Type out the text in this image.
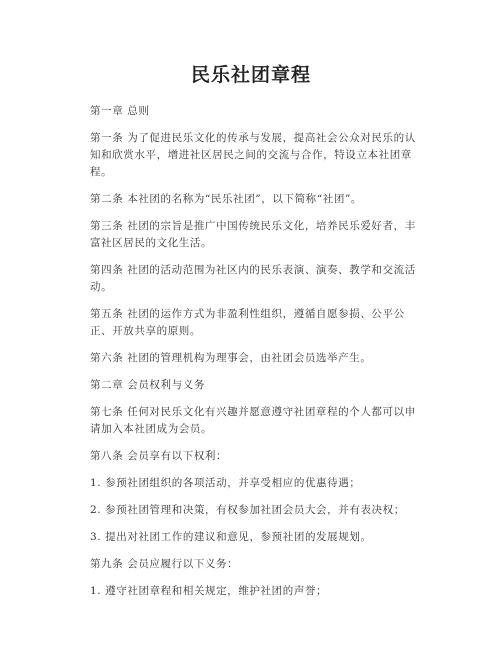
民乐社团章程

第一章 总则

第一条 为了促进民乐文化的传承与发展，提高社会公众对民乐的认知和欣赏水平，增进社区居民之间的交流与合作，特设立本社团章程。

第二条 本社团的名称为“民乐社团”，以下简称“社团”。

第三条 社团的宗旨是推广中国传统民乐文化，培养民乐爱好者，丰富社区居民的文化生活。

第四条 社团的活动范围为社区内的民乐表演、演奏、教学和交流活动。

第五条 社团的运作方式为非盈利性组织，遵循自愿参损、公平公正、开放共享的原则。

第六条 社团的管理机构为理事会，由社团会员选举产生。

第二章 会员权利与义务

第七条 任何对民乐文化有兴趣并愿意遵守社团章程的个人都可以申请加入本社团成为会员。

第八条 会员享有以下权利：

1. 参预社团组织的各项活动，并享受相应的优惠待遇；

2. 参预社团管理和决策，有权参加社团会员大会，并有表决权；

3. 提出对社团工作的建议和意见，参预社团的发展规划。

第九条 会员应履行以下义务：

1. 遵守社团章程和相关规定，维护社团的声誉；
